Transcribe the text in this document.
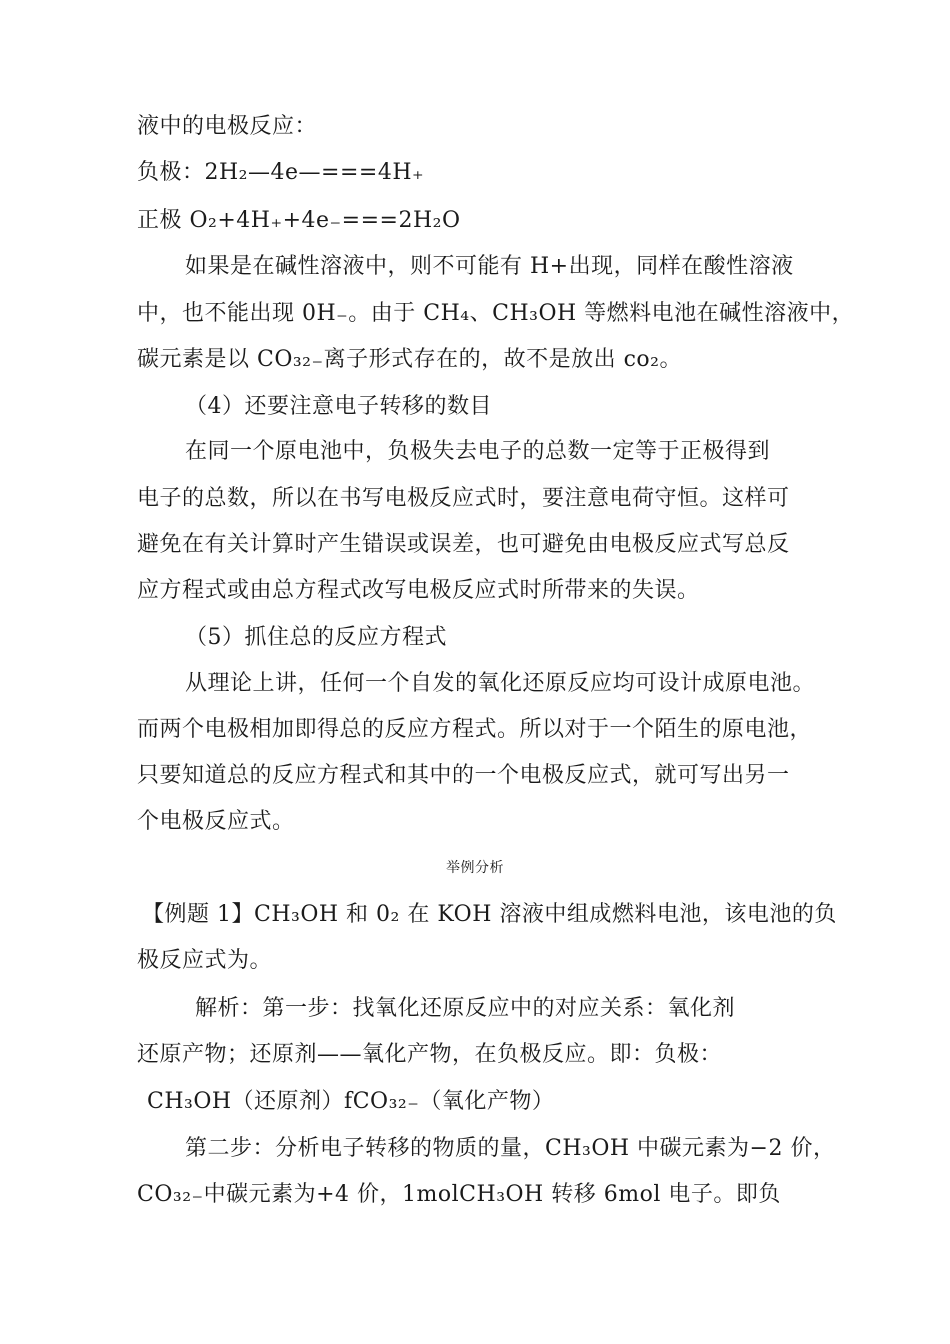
液中的电极反应：
负极：2H₂—4e—===4H₊
正极 O₂+4H₊+4e₋===2H₂O
如果是在碱性溶液中，则不可能有 H+出现，同样在酸性溶液
中，也不能出现 0H₋。由于 CH₄、CH₃OH 等燃料电池在碱性溶液中，
碳元素是以 CO₃₂₋离子形式存在的，故不是放出 co₂。
（4）还要注意电子转移的数目
在同一个原电池中，负极失去电子的总数一定等于正极得到
电子的总数，所以在书写电极反应式时，要注意电荷守恒。这样可
避免在有关计算时产生错误或误差，也可避免由电极反应式写总反
应方程式或由总方程式改写电极反应式时所带来的失误。
（5）抓住总的反应方程式
从理论上讲，任何一个自发的氧化还原反应均可设计成原电池。
而两个电极相加即得总的反应方程式。所以对于一个陌生的原电池，
只要知道总的反应方程式和其中的一个电极反应式，就可写出另一
个电极反应式。
举例分析
【例题 1】CH₃OH 和 0₂ 在 KOH 溶液中组成燃料电池，该电池的负
极反应式为。
解析：第一步：找氧化还原反应中的对应关系：氧化剂
还原产物；还原剂——氧化产物，在负极反应。即：负极：
CH₃OH（还原剂）fCO₃₂₋（氧化产物）
第二步：分析电子转移的物质的量，CH₃OH 中碳元素为−2 价，
CO₃₂₋中碳元素为+4 价，1molCH₃OH 转移 6mol 电子。即负
